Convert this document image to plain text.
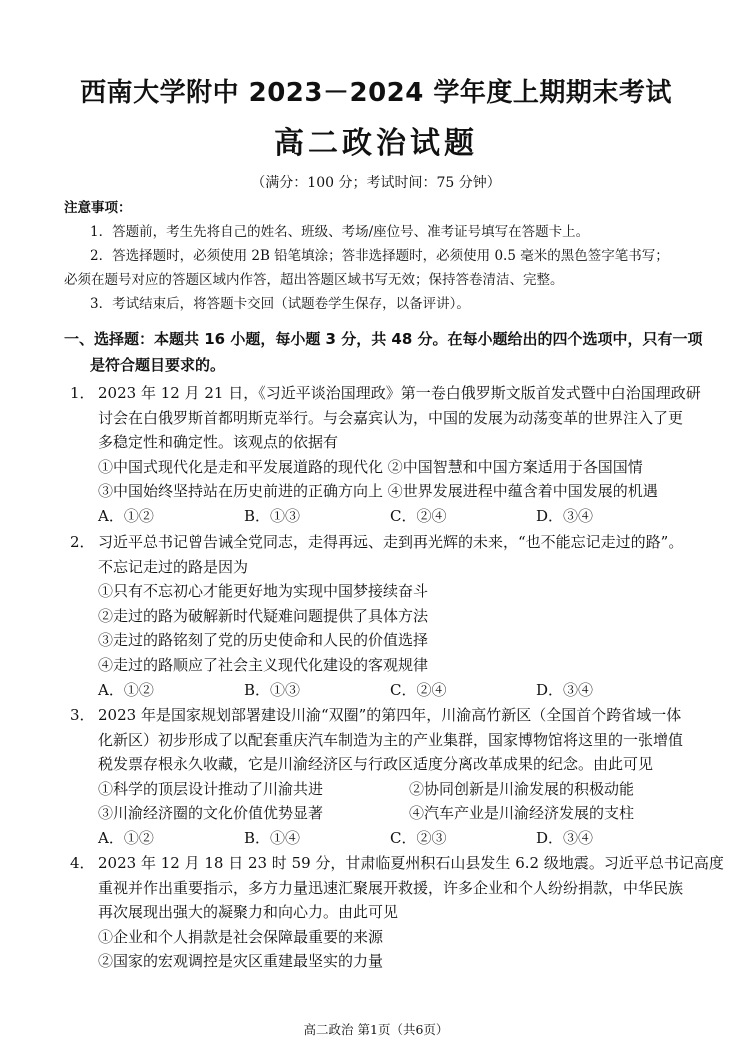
西南大学附中 2023－2024 学年度上期期末考试
高二政治试题
（满分：100 分；考试时间：75 分钟）
注意事项：
1．答题前，考生先将自己的姓名、班级、考场/座位号、准考证号填写在答题卡上。
2．答选择题时，必须使用 2B 铅笔填涂；答非选择题时，必须使用 0.5 毫米的黑色签字笔书写；
必须在题号对应的答题区域内作答，超出答题区域书写无效；保持答卷清洁、完整。
3．考试结束后，将答题卡交回（试题卷学生保存，以备评讲）。
一、选择题：本题共 16 小题，每小题 3 分，共 48 分。在每小题给出的四个选项中，只有一项
是符合题目要求的。
1． 2023 年 12 月 21 日，《习近平谈治国理政》第一卷白俄罗斯文版首发式暨中白治国理政研
讨会在白俄罗斯首都明斯克举行。与会嘉宾认为，中国的发展为动荡变革的世界注入了更
多稳定性和确定性。该观点的依据有
①中国式现代化是走和平发展道路的现代化 ②中国智慧和中国方案适用于各国国情
③中国始终坚持站在历史前进的正确方向上 ④世界发展进程中蕴含着中国发展的机遇
A．①②	B．①③	C．②④	D．③④
2． 习近平总书记曾告诫全党同志，走得再远、走到再光辉的未来，“也不能忘记走过的路”。
不忘记走过的路是因为
①只有不忘初心才能更好地为实现中国梦接续奋斗
②走过的路为破解新时代疑难问题提供了具体方法
③走过的路铭刻了党的历史使命和人民的价值选择
④走过的路顺应了社会主义现代化建设的客观规律
A．①②	B．①③	C．②④	D．③④
3． 2023 年是国家规划部署建设川渝“双圈”的第四年，川渝高竹新区（全国首个跨省域一体
化新区）初步形成了以配套重庆汽车制造为主的产业集群，国家博物馆将这里的一张增值
税发票存根永久收藏，它是川渝经济区与行政区适度分离改革成果的纪念。由此可见
①科学的顶层设计推动了川渝共进	②协同创新是川渝发展的积极动能
③川渝经济圈的文化价值优势显著	④汽车产业是川渝经济发展的支柱
A．①②	B．①④	C．②③	D．③④
4． 2023 年 12 月 18 日 23 时 59 分，甘肃临夏州积石山县发生 6.2 级地震。习近平总书记高度
重视并作出重要指示，多方力量迅速汇聚展开救援，许多企业和个人纷纷捐款，中华民族
再次展现出强大的凝聚力和向心力。由此可见
①企业和个人捐款是社会保障最重要的来源
②国家的宏观调控是灾区重建最坚实的力量
高二政治 第1页（共6页）
